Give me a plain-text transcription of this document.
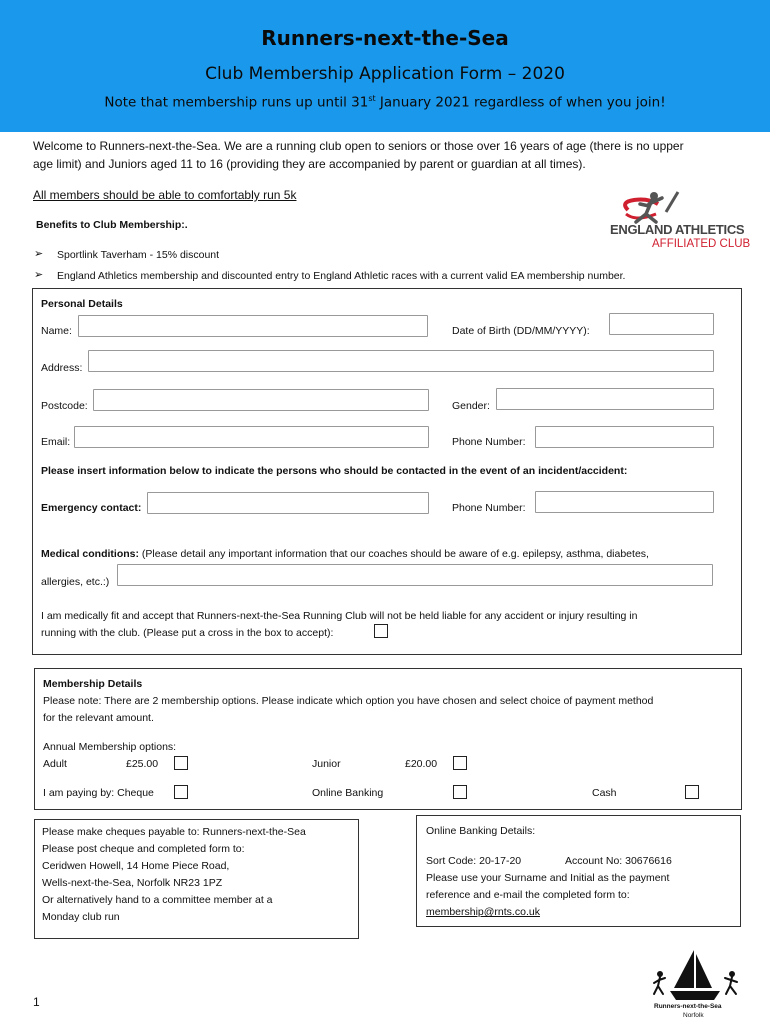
Runners-next-the-Sea
Club Membership Application Form – 2020
Note that membership runs up until 31st January 2021 regardless of when you join!
Welcome to Runners-next-the-Sea. We are a running club open to seniors or those over 16 years of age (there is no upper
age limit) and Juniors aged 11 to 16 (providing they are accompanied by parent or guardian at all times).
All members should be able to comfortably run 5k
Benefits to Club Membership:.
➢ Sportlink Taverham - 15% discount
➢ England Athletics membership and discounted entry to England Athletic races with a current valid EA membership number.
ENGLAND ATHLETICS
AFFILIATED CLUB
Personal Details
Name:	Date of Birth (DD/MM/YYYY):
Address:
Postcode:	Gender:
Email:	Phone Number:
Please insert information below to indicate the persons who should be contacted in the event of an incident/accident:
Emergency contact:	Phone Number:
Medical conditions: (Please detail any important information that our coaches should be aware of e.g. epilepsy, asthma, diabetes,
allergies, etc.:)
I am medically fit and accept that Runners-next-the-Sea Running Club will not be held liable for any accident or injury resulting in
running with the club. (Please put a cross in the box to accept):
Membership Details
Please note: There are 2 membership options. Please indicate which option you have chosen and select choice of payment method
for the relevant amount.
Annual Membership options:
Adult	£25.00	Junior	£20.00
I am paying by: Cheque	Online Banking	Cash
Please make cheques payable to: Runners-next-the-Sea
Please post cheque and completed form to:
Ceridwen Howell, 14 Home Piece Road,
Wells-next-the-Sea, Norfolk NR23 1PZ
Or alternatively hand to a committee member at a
Monday club run
Online Banking Details:
Sort Code: 20-17-20	Account No: 30676616
Please use your Surname and Initial as the payment
reference and e-mail the completed form to:
membership@rnts.co.uk
1	Runners-next-the-Sea
Norfolk
